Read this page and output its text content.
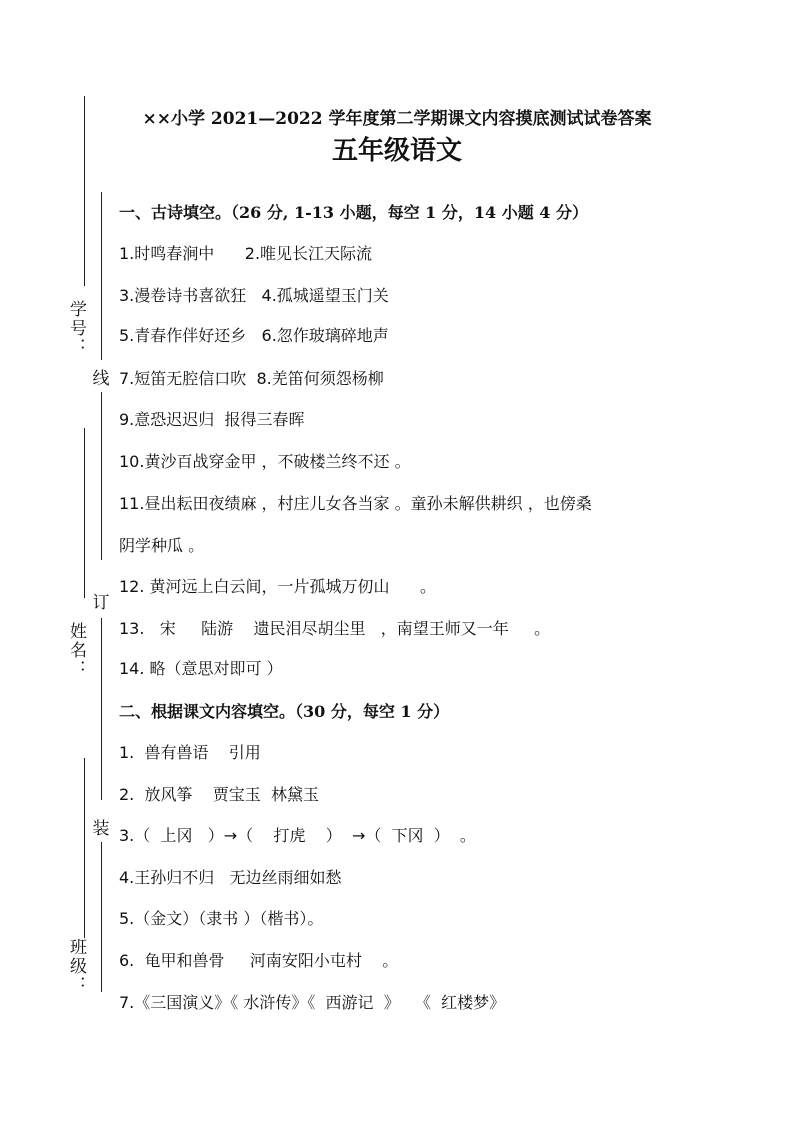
学号：
姓名：
班级：
线
订
装
××小学 2021—2022 学年度第二学期课文内容摸底测试试卷答案
五年级语文
一、古诗填空。（26 分, 1-13 小题，每空 1 分，14 小题 4 分）
1.时鸣春涧中      2.唯见长江天际流
3.漫卷诗书喜欲狂   4.孤城遥望玉门关
5.青春作伴好还乡   6.忽作玻璃碎地声
7.短笛无腔信口吹  8.羌笛何须怨杨柳
9.意恐迟迟归  报得三春晖
10.黄沙百战穿金甲 ，不破楼兰终不还 。
11.昼出耘田夜绩麻 ，村庄儿女各当家 。童孙未解供耕织 ，也傍桑
阴学种瓜 。
12. 黄河远上白云间，一片孤城万仞山      。
13.   宋     陆游    遗民泪尽胡尘里   ，南望王师又一年     。
14. 略（意思对即可 ）
二、根据课文内容填空。（30 分，每空 1 分）
1.  兽有兽语    引用
2.  放风筝    贾宝玉  林黛玉
3.（  上冈   ）→（    打虎    ）  →（  下冈  ）  。
4.王孙归不归   无边丝雨细如愁
5.（金文）（隶书 ）（楷书）。
6.  龟甲和兽骨     河南安阳小屯村    。
7.《三国演义》《 水浒传》《  西游记  》   《  红楼梦》
